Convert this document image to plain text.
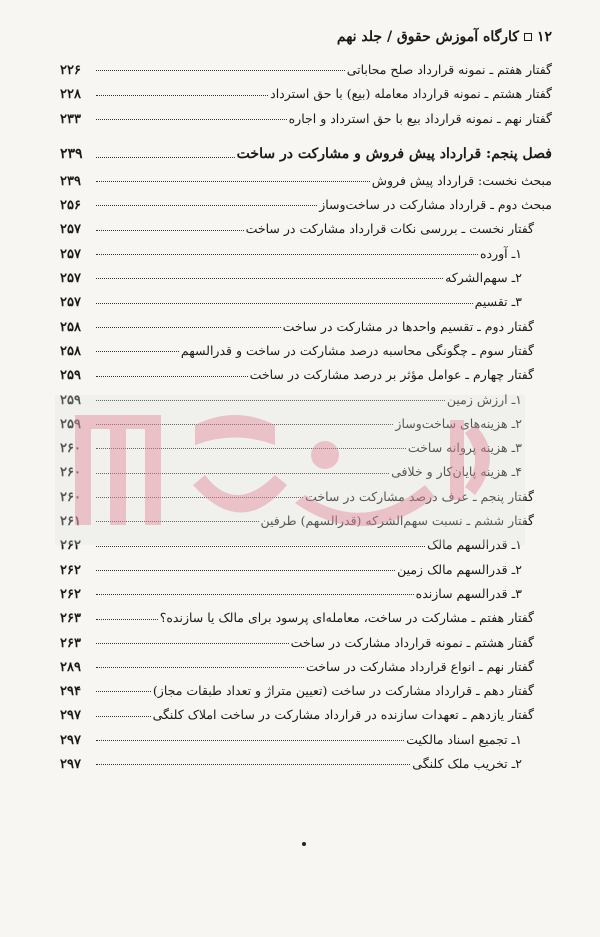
۱۲
کارگاه آموزش حقوق / جلد نهم
گفتار هفتم ـ نمونه قرارداد صلح محاباتی
۲۲۶
گفتار هشتم ـ نمونه قرارداد معامله (بیع) با حق استرداد
۲۲۸
گفتار نهم ـ نمونه قرارداد بیع با حق استرداد و اجاره
۲۳۳
فصل پنجم: قرارداد پیش فروش و مشارکت در ساخت
۲۳۹
مبحث نخست: قرارداد پیش فروش
۲۳۹
مبحث دوم ـ قرارداد مشارکت در ساخت‌وساز
۲۵۶
گفتار نخست ـ بررسی نکات قرارداد مشارکت در ساخت
۲۵۷
۱ـ آورده
۲۵۷
۲ـ سهم‌الشرکه
۲۵۷
۳ـ تقسیم
۲۵۷
گفتار دوم ـ تقسیم واحدها در مشارکت در ساخت
۲۵۸
گفتار سوم ـ چگونگی محاسبه درصد مشارکت در ساخت و قدرالسهم
۲۵۸
گفتار چهارم ـ عوامل مؤثر بر درصد مشارکت در ساخت
۲۵۹
۱ـ ارزش زمین
۲۵۹
۲ـ هزینه‌های ساخت‌وساز
۲۵۹
۳ـ هزینه پروانه ساخت
۲۶۰
۴ـ هزینه پایان‌کار و خلافی
۲۶۰
گفتار پنجم ـ عرف درصد مشارکت در ساخت
۲۶۰
گفتار ششم ـ نسبت سهم‌الشرکه (قدرالسهم) طرفین
۲۶۱
۱ـ قدرالسهم مالک
۲۶۲
۲ـ قدرالسهم مالک زمین
۲۶۲
۳ـ قدرالسهم سازنده
۲۶۲
گفتار هفتم ـ مشارکت در ساخت، معامله‌ای پرسود برای مالک یا سازنده؟
۲۶۳
گفتار هشتم ـ نمونه قرارداد مشارکت در ساخت
۲۶۳
گفتار نهم ـ انواع قرارداد مشارکت در ساخت
۲۸۹
گفتار دهم ـ قرارداد مشارکت در ساخت (تعیین متراژ و تعداد طبقات مجاز)
۲۹۴
گفتار یازدهم ـ تعهدات سازنده در قرارداد مشارکت در ساخت املاک کلنگی
۲۹۷
۱ـ تجمیع اسناد مالکیت
۲۹۷
۲ـ تخریب ملک کلنگی
۲۹۷
